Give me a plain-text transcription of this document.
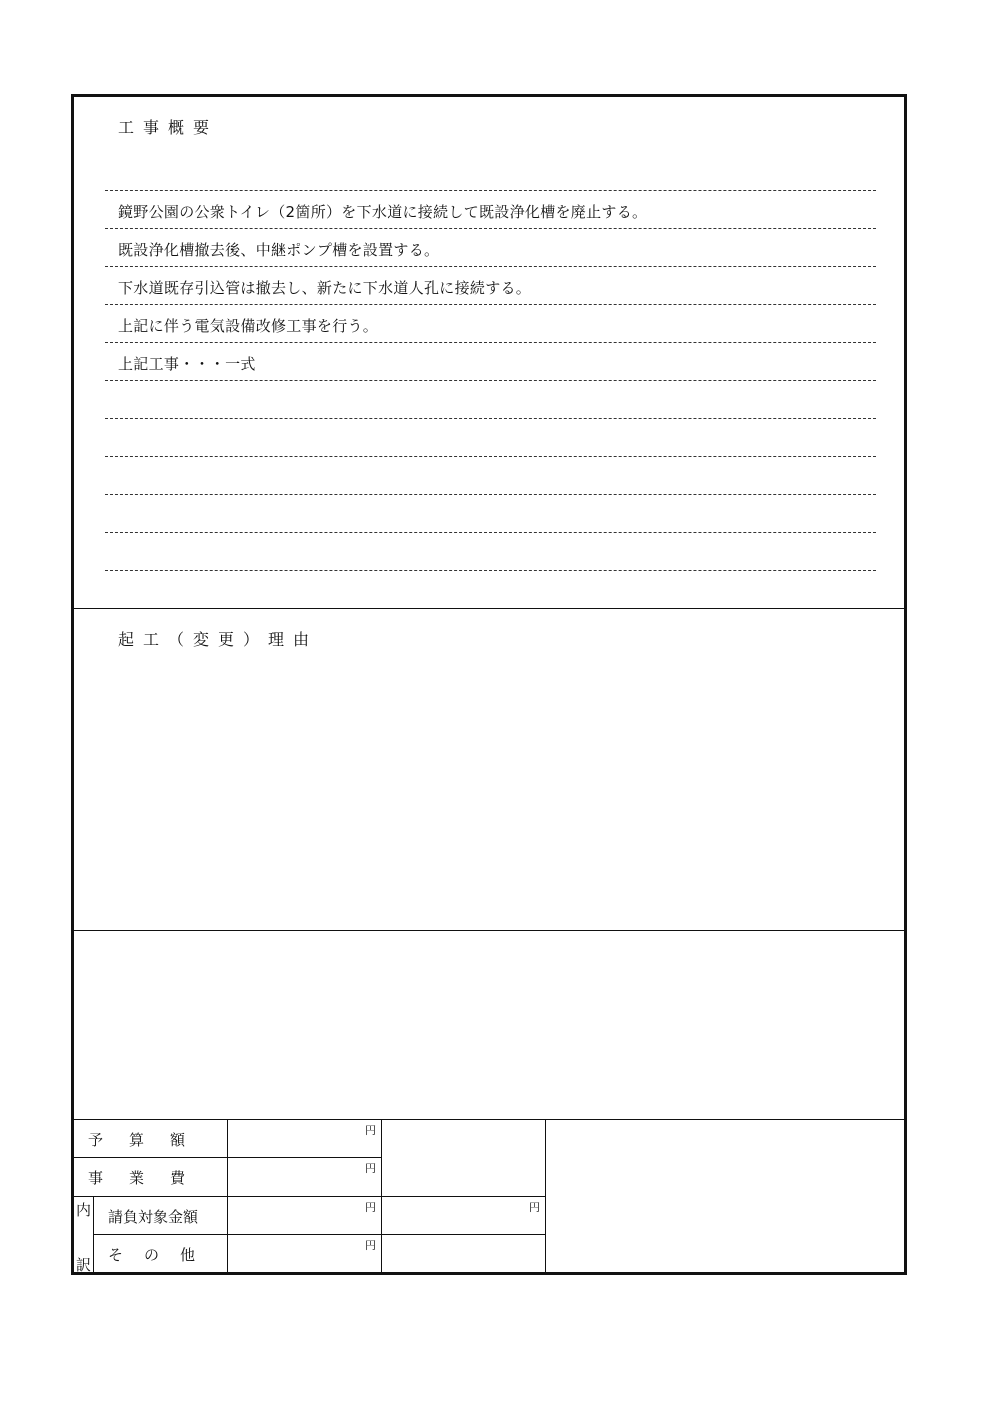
工事概要
鏡野公園の公衆トイレ（2箇所）を下水道に接続して既設浄化槽を廃止する。
既設浄化槽撤去後、中継ポンプ槽を設置する。
下水道既存引込管は撤去し、新たに下水道人孔に接続する。
上記に伴う電気設備改修工事を行う。
上記工事・・・一式
起工（変更）理由
予算額
事業費
内
訳
請負対象金額
その他
円
円
円
円
円
